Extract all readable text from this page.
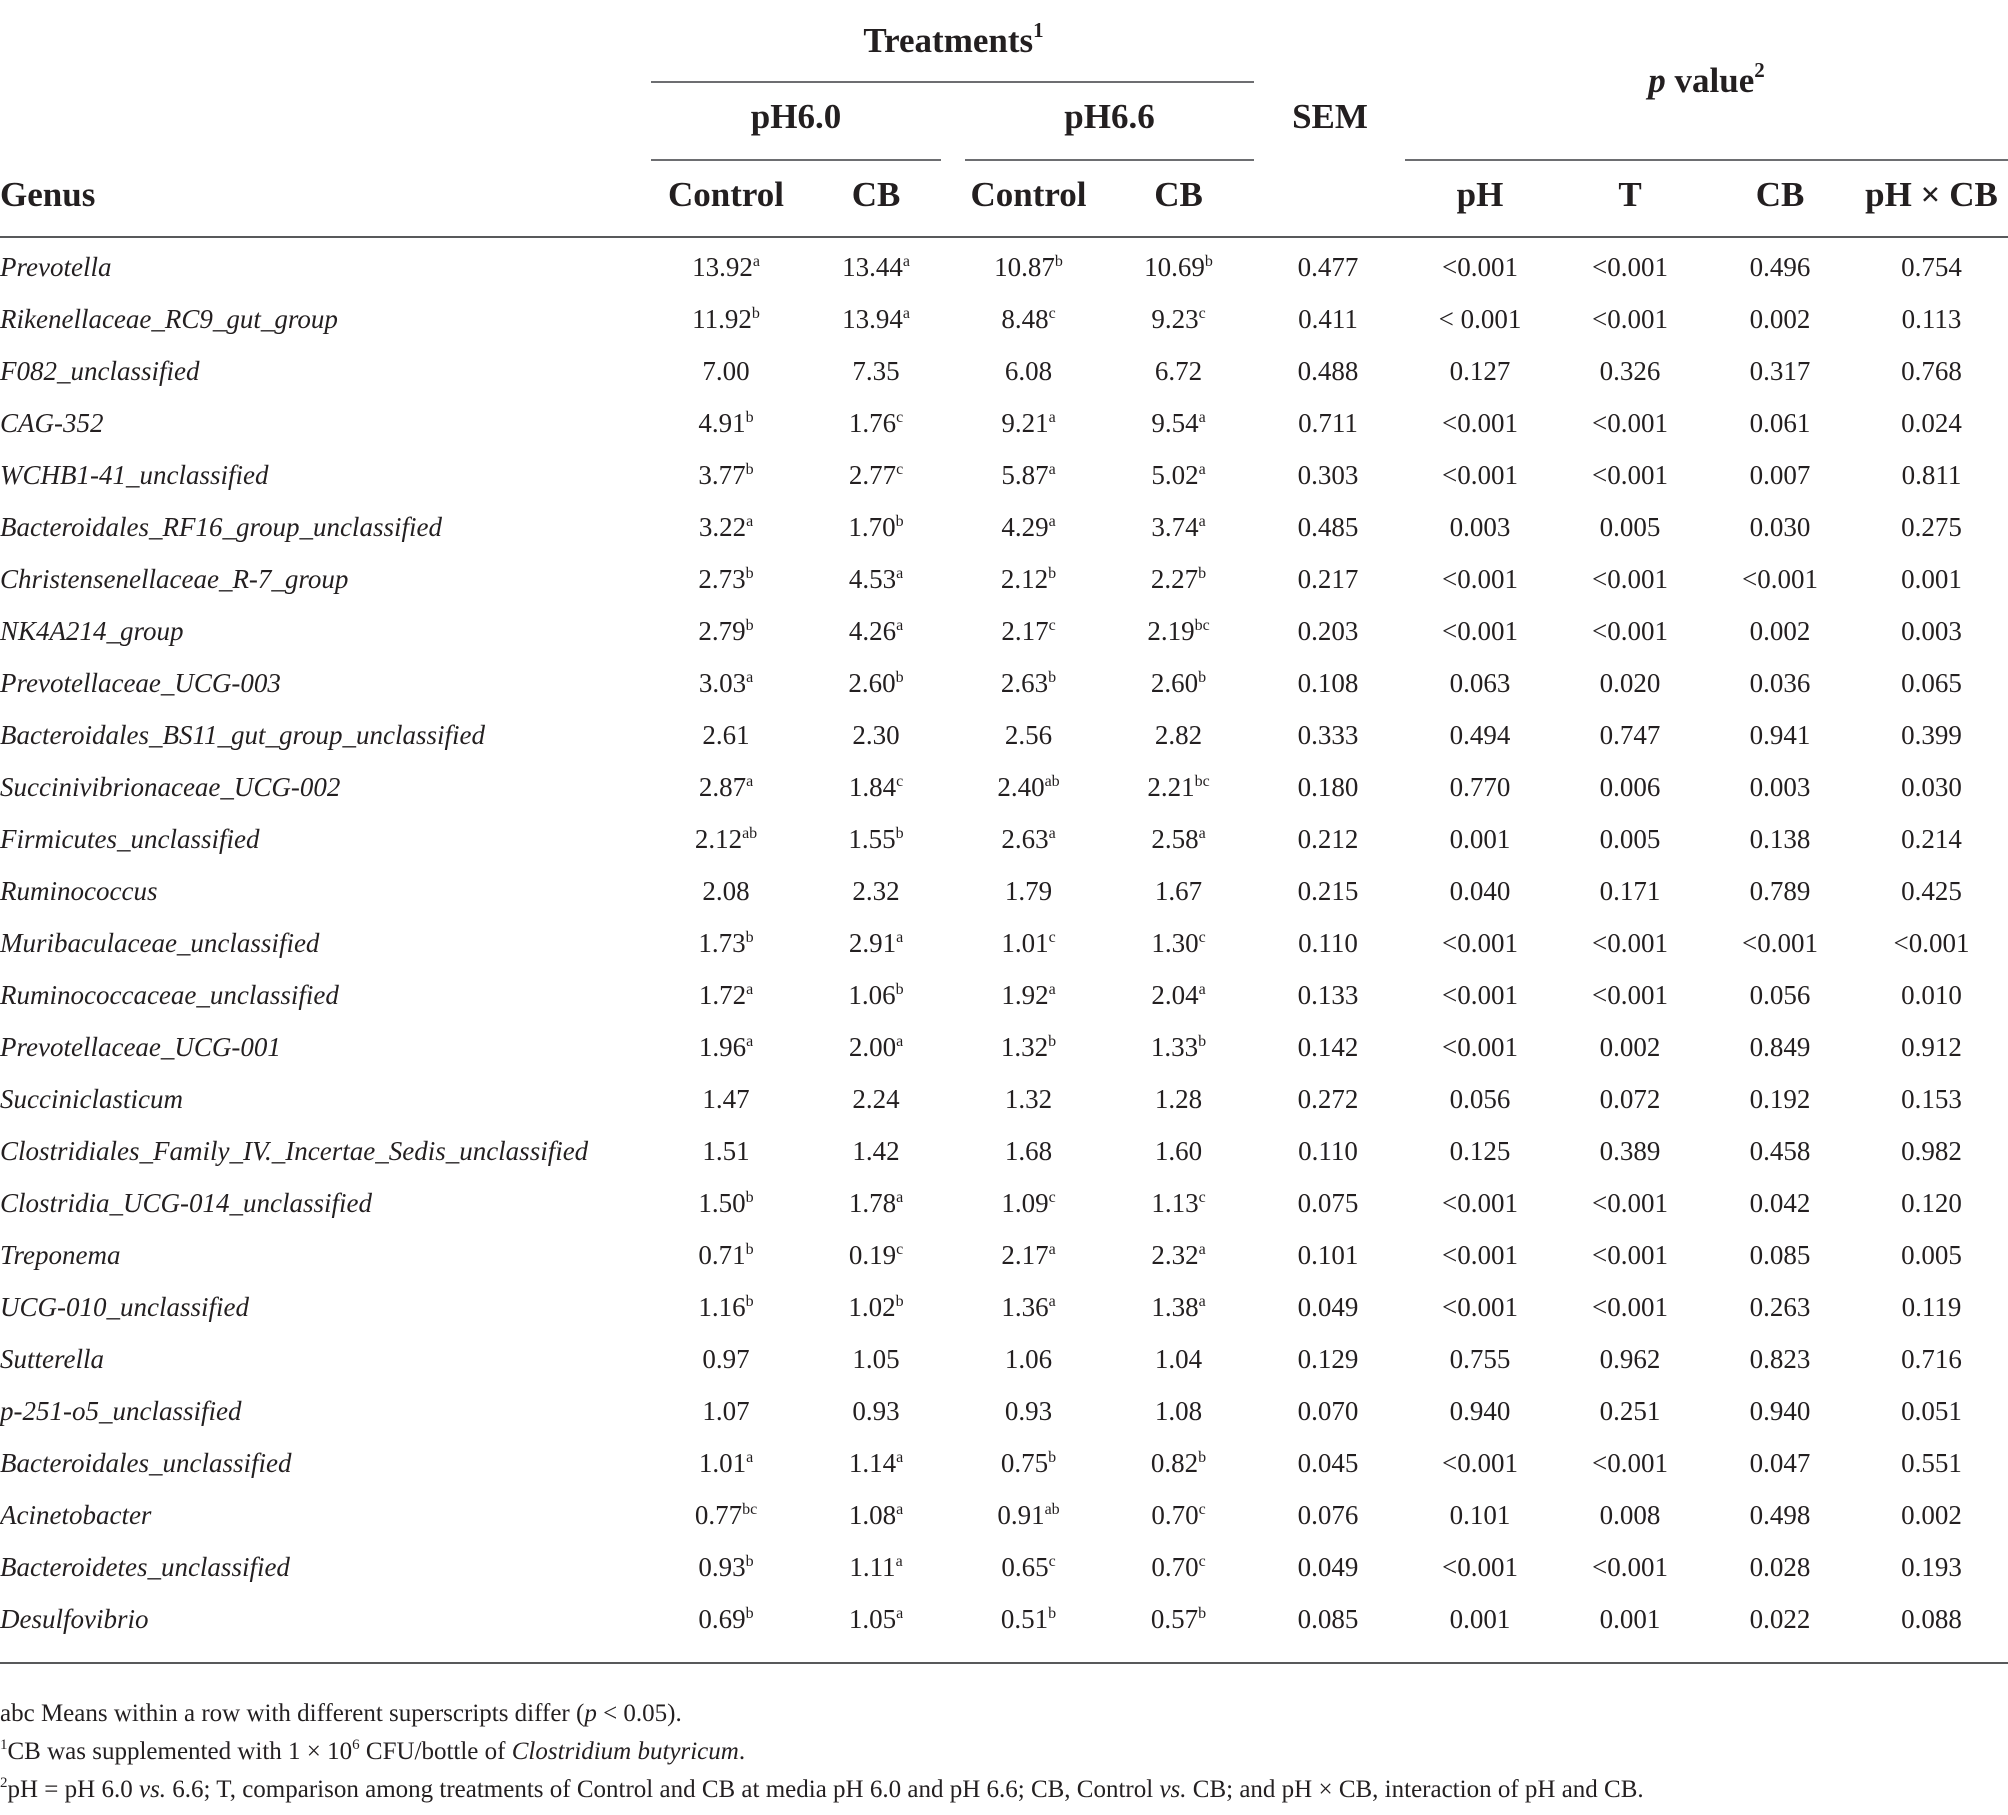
Treatments$^1$
p value$^2$
pH6.0	pH6.6	SEM
Genus	Control	CB	Control	CB	pH	T	CB	pH × CB
Prevotella	13.92$^a$	13.44$^a$	10.87$^b$	10.69$^b$	0.477	<0.001	<0.001	0.496	0.754
Rikenellaceae_RC9_gut_group	11.92$^b$	13.94$^a$	8.48$^c$	9.23$^c$	0.411	< 0.001	<0.001	0.002	0.113
F082_unclassified	7.00	7.35	6.08	6.72	0.488	0.127	0.326	0.317	0.768
CAG-352	4.91$^b$	1.76$^c$	9.21$^a$	9.54$^a$	0.711	<0.001	<0.001	0.061	0.024
WCHB1-41_unclassified	3.77$^b$	2.77$^c$	5.87$^a$	5.02$^a$	0.303	<0.001	<0.001	0.007	0.811
Bacteroidales_RF16_group_unclassified	3.22$^a$	1.70$^b$	4.29$^a$	3.74$^a$	0.485	0.003	0.005	0.030	0.275
Christensenellaceae_R-7_group	2.73$^b$	4.53$^a$	2.12$^b$	2.27$^b$	0.217	<0.001	<0.001	<0.001	0.001
NK4A214_group	2.79$^b$	4.26$^a$	2.17$^c$	2.19$^{bc}$	0.203	<0.001	<0.001	0.002	0.003
Prevotellaceae_UCG-003	3.03$^a$	2.60$^b$	2.63$^b$	2.60$^b$	0.108	0.063	0.020	0.036	0.065
Bacteroidales_BS11_gut_group_unclassified	2.61	2.30	2.56	2.82	0.333	0.494	0.747	0.941	0.399
Succinivibrionaceae_UCG-002	2.87$^a$	1.84$^c$	2.40$^{ab}$	2.21$^{bc}$	0.180	0.770	0.006	0.003	0.030
Firmicutes_unclassified	2.12$^{ab}$	1.55$^b$	2.63$^a$	2.58$^a$	0.212	0.001	0.005	0.138	0.214
Ruminococcus	2.08	2.32	1.79	1.67	0.215	0.040	0.171	0.789	0.425
Muribaculaceae_unclassified	1.73$^b$	2.91$^a$	1.01$^c$	1.30$^c$	0.110	<0.001	<0.001	<0.001	<0.001
Ruminococcaceae_unclassified	1.72$^a$	1.06$^b$	1.92$^a$	2.04$^a$	0.133	<0.001	<0.001	0.056	0.010
Prevotellaceae_UCG-001	1.96$^a$	2.00$^a$	1.32$^b$	1.33$^b$	0.142	<0.001	0.002	0.849	0.912
Succiniclasticum	1.47	2.24	1.32	1.28	0.272	0.056	0.072	0.192	0.153
Clostridiales_Family_IV._Incertae_Sedis_unclassified	1.51	1.42	1.68	1.60	0.110	0.125	0.389	0.458	0.982
Clostridia_UCG-014_unclassified	1.50$^b$	1.78$^a$	1.09$^c$	1.13$^c$	0.075	<0.001	<0.001	0.042	0.120
Treponema	0.71$^b$	0.19$^c$	2.17$^a$	2.32$^a$	0.101	<0.001	<0.001	0.085	0.005
UCG-010_unclassified	1.16$^b$	1.02$^b$	1.36$^a$	1.38$^a$	0.049	<0.001	<0.001	0.263	0.119
Sutterella	0.97	1.05	1.06	1.04	0.129	0.755	0.962	0.823	0.716
p-251-o5_unclassified	1.07	0.93	0.93	1.08	0.070	0.940	0.251	0.940	0.051
Bacteroidales_unclassified	1.01$^a$	1.14$^a$	0.75$^b$	0.82$^b$	0.045	<0.001	<0.001	0.047	0.551
Acinetobacter	0.77$^{bc}$	1.08$^a$	0.91$^{ab}$	0.70$^c$	0.076	0.101	0.008	0.498	0.002
Bacteroidetes_unclassified	0.93$^b$	1.11$^a$	0.65$^c$	0.70$^c$	0.049	<0.001	<0.001	0.028	0.193
Desulfovibrio	0.69$^b$	1.05$^a$	0.51$^b$	0.57$^b$	0.085	0.001	0.001	0.022	0.088
abc Means within a row with different superscripts differ (p < 0.05).
$^1$CB was supplemented with $1 \times 10^6$ CFU/bottle of Clostridium butyricum.
$^2$pH = pH 6.0 vs. 6.6; T, comparison among treatments of Control and CB at media pH 6.0 and pH 6.6; CB, Control vs. CB; and pH × CB, interaction of pH and CB.
